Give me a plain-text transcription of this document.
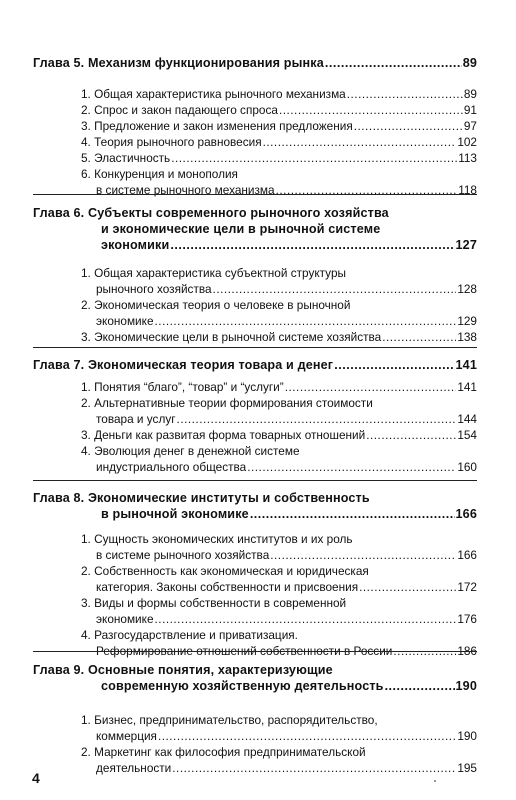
Глава 5. Механизм функционирования рынка .....	89
1. Общая характеристика рыночного механизма .....	89
2. Спрос и закон падающего спроса .....	91
3. Предложение и закон изменения предложения .....	97
4. Теория рыночного равновесия .....	102
5. Эластичность .....	113
6. Конкуренция и монополия
в системе рыночного механизма .....	118
Глава 6. Субъекты современного рыночного хозяйства
и экономические цели в рыночной системе
экономики .....	127
1. Общая характеристика субъектной структуры
рыночного хозяйства .....	128
2. Экономическая теория о человеке в рыночной
экономике .....	129
3. Экономические цели в рыночной системе хозяйства .....	138
Глава 7. Экономическая теория товара и денег .....	141
1. Понятия “благо”, “товар” и “услуги” .....	141
2. Альтернативные теории формирования стоимости
товара и услуг .....	144
3. Деньги как развитая форма товарных отношений .....	154
4. Эволюция денег в денежной системе
индустриального общества .....	160
Глава 8. Экономические институты и собственность
в рыночной экономике .....	166
1. Сущность экономических институтов и их роль
в системе рыночного хозяйства .....	166
2. Собственность как экономическая и юридическая
категория. Законы собственности и присвоения .....	172
3. Виды и формы собственности в современной
экономике .....	176
4. Разгосударствление и приватизация.
Реформирование отношений собственности в России .....	186
Глава 9. Основные понятия, характеризующие
современную хозяйственную деятельность .....	190
1. Бизнес, предпринимательство, распорядительство,
коммерция .....	190
2. Маркетинг как философия предпринимательской
деятельности .....	195
4
